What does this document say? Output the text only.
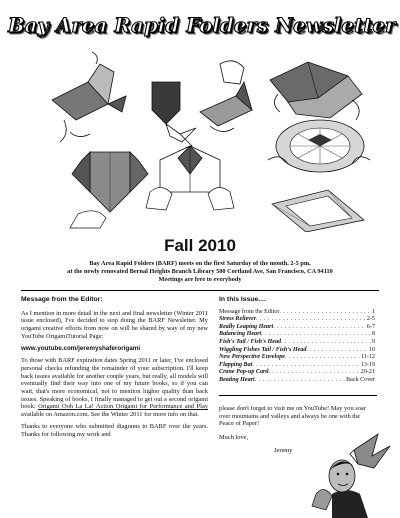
Bay Area Rapid Folders Newsletter
Fall 2010
Bay Area Rapid Folders (BARF) meets on the first Saturday of the month, 2-5 pm,
at the newly renovated Bernal Heights Branch Library 500 Cortland Ave, San Francisco, CA 94110
Meetings are free to everybody
Message from the Editor:

As I mention in more detail in the next and final newsletter (Winter 2011 issue enclosed), I've decided to stop doing the BARF Newsletter. My origami creative efforts from now on will be shared by way of my new YouTube OrigamiTutorial Page:

www.youtube.com/jeremyshaferorigami

To those with BARF expiration dates Spring 2011 or later, I've enclosed personal checks refunding the remainder of your subscription. I'll keep back issues available for another couple years, but really, all models will eventually find their way into one of my future books, so if you can wait, that's more economical, not to mention higher quality than back issues. Speaking of books, I finally managed to get out a second origami book: Origami Ooh La La! Action Origami for Performance and Play available on Amazon.com. See the Winter 2011 for more info on that.

Thanks to everyone who submitted diagrams to BARF over the years. Thanks for following my work and

In this Issue....
Message from the Editor . . .	1
Stress Reliever . . .	2-5
Really Leaping Heart . . .	6-7
Balancing Heart . . .	8
Fish's Tail / Fish's Head . . .	9
Wiggling Fishes Tail / Fish's Head . . .	10
New Perspective Envelope . . .	11-12
Flapping Bat . . .	13-19
Crane Pop-up Card . . .	20-21
Beating Heart . . .	Back Cover

please don't forget to visit me on YouTube! May you soar over mountains and valleys and always be one with the Peace of Paper!

Much love,

Jeremy
